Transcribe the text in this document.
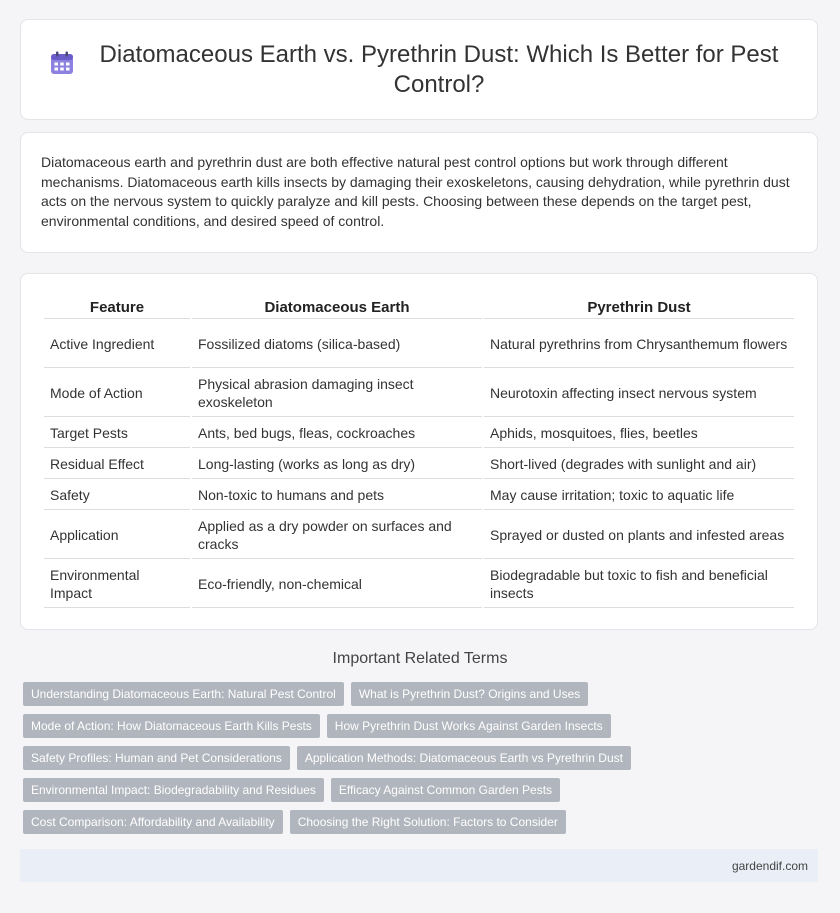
Diatomaceous Earth vs. Pyrethrin Dust: Which Is Better for Pest Control?

Diatomaceous earth and pyrethrin dust are both effective natural pest control options but work through different mechanisms. Diatomaceous earth kills insects by damaging their exoskeletons, causing dehydration, while pyrethrin dust acts on the nervous system to quickly paralyze and kill pests. Choosing between these depends on the target pest, environmental conditions, and desired speed of control.

Feature	Diatomaceous Earth	Pyrethrin Dust
Active Ingredient	Fossilized diatoms (silica-based)	Natural pyrethrins from Chrysanthemum flowers
Mode of Action	Physical abrasion damaging insect exoskeleton	Neurotoxin affecting insect nervous system
Target Pests	Ants, bed bugs, fleas, cockroaches	Aphids, mosquitoes, flies, beetles
Residual Effect	Long-lasting (works as long as dry)	Short-lived (degrades with sunlight and air)
Safety	Non-toxic to humans and pets	May cause irritation; toxic to aquatic life
Application	Applied as a dry powder on surfaces and cracks	Sprayed or dusted on plants and infested areas
Environmental Impact	Eco-friendly, non-chemical	Biodegradable but toxic to fish and beneficial insects
Important Related Terms
Understanding Diatomaceous Earth: Natural Pest Control	What is Pyrethrin Dust? Origins and Uses
Mode of Action: How Diatomaceous Earth Kills Pests	How Pyrethrin Dust Works Against Garden Insects
Safety Profiles: Human and Pet Considerations	Application Methods: Diatomaceous Earth vs Pyrethrin Dust
Environmental Impact: Biodegradability and Residues	Efficacy Against Common Garden Pests
Cost Comparison: Affordability and Availability	Choosing the Right Solution: Factors to Consider
gardendif.com
